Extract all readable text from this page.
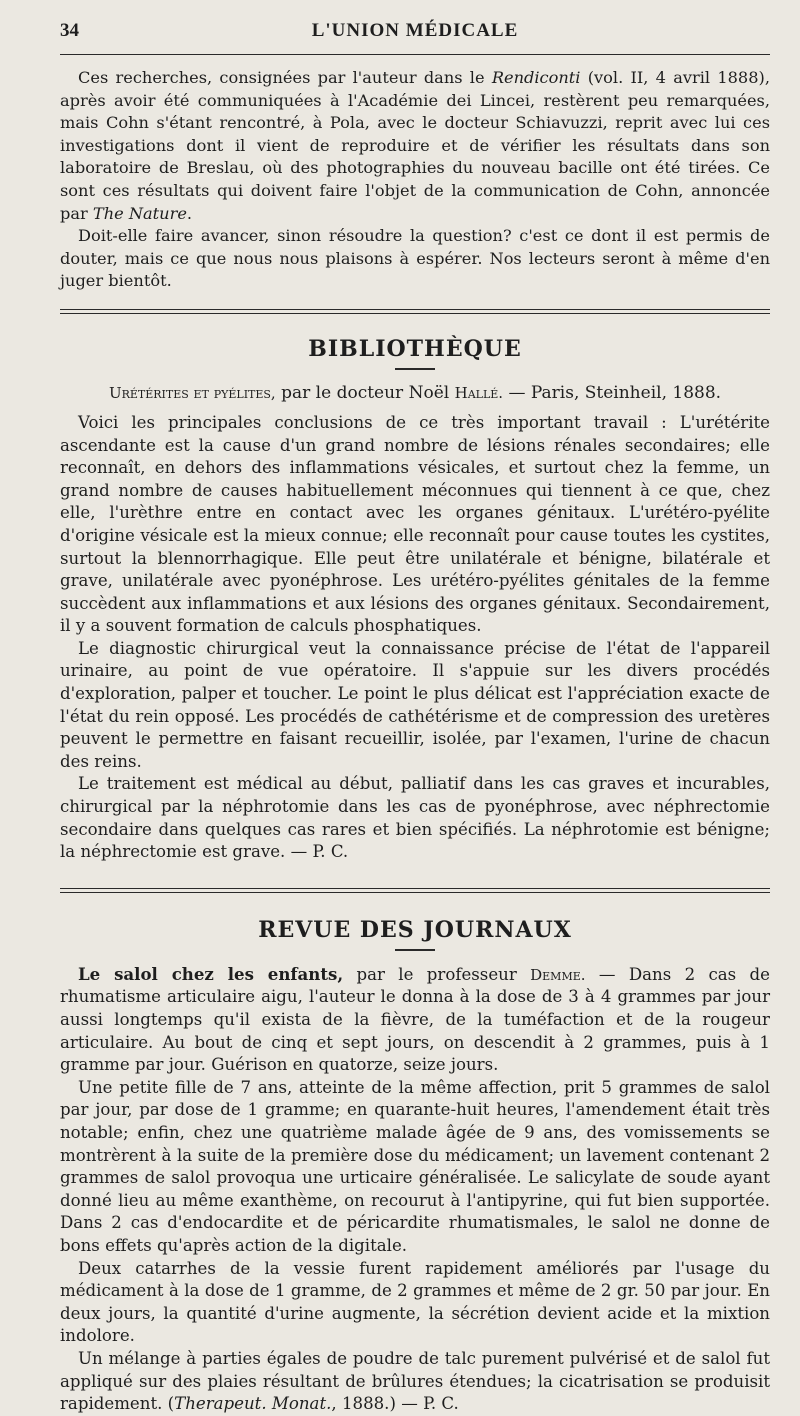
34	L'UNION MÉDICALE

Ces recherches, consignées par l'auteur dans le Rendiconti (vol. II, 4 avril 1888), après avoir été communiquées à l'Académie dei Lincei, restèrent peu remarquées, mais Cohn s'étant rencontré, à Pola, avec le docteur Schiavuzzi, reprit avec lui ces investigations dont il vient de reproduire et de vérifier les résultats dans son laboratoire de Breslau, où des photographies du nouveau bacille ont été tirées. Ce sont ces résultats qui doivent faire l'objet de la communication de Cohn, annoncée par The Nature.

Doit-elle faire avancer, sinon résoudre la question? c'est ce dont il est permis de douter, mais ce que nous nous plaisons à espérer. Nos lecteurs seront à même d'en juger bientôt.

BIBLIOTHÈQUE
Urétérites et pyélites, par le docteur Noël Hallé. — Paris, Steinheil, 1888.

Voici les principales conclusions de ce très important travail : L'urétérite ascendante est la cause d'un grand nombre de lésions rénales secondaires; elle reconnaît, en dehors des inflammations vésicales, et surtout chez la femme, un grand nombre de causes habituellement méconnues qui tiennent à ce que, chez elle, l'urèthre entre en contact avec les organes génitaux. L'urétéro-pyélite d'origine vésicale est la mieux connue; elle reconnaît pour cause toutes les cystites, surtout la blennorrhagique. Elle peut être unilatérale et bénigne, bilatérale et grave, unilatérale avec pyonéphrose. Les urétéro-pyélites génitales de la femme succèdent aux inflammations et aux lésions des organes génitaux. Secondairement, il y a souvent formation de calculs phosphatiques.

Le diagnostic chirurgical veut la connaissance précise de l'état de l'appareil urinaire, au point de vue opératoire. Il s'appuie sur les divers procédés d'exploration, palper et toucher. Le point le plus délicat est l'appréciation exacte de l'état du rein opposé. Les procédés de cathétérisme et de compression des uretères peuvent le permettre en faisant recueillir, isolée, par l'examen, l'urine de chacun des reins.

Le traitement est médical au début, palliatif dans les cas graves et incurables, chirurgical par la néphrotomie dans les cas de pyonéphrose, avec néphrectomie secondaire dans quelques cas rares et bien spécifiés. La néphrotomie est bénigne; la néphrectomie est grave. — P. C.

REVUE DES JOURNAUX

Le salol chez les enfants, par le professeur Demme. — Dans 2 cas de rhumatisme articulaire aigu, l'auteur le donna à la dose de 3 à 4 grammes par jour aussi longtemps qu'il exista de la fièvre, de la tuméfaction et de la rougeur articulaire. Au bout de cinq et sept jours, on descendit à 2 grammes, puis à 1 gramme par jour. Guérison en quatorze, seize jours.

Une petite fille de 7 ans, atteinte de la même affection, prit 5 grammes de salol par jour, par dose de 1 gramme; en quarante-huit heures, l'amendement était très notable; enfin, chez une quatrième malade âgée de 9 ans, des vomissements se montrèrent à la suite de la première dose du médicament; un lavement contenant 2 grammes de salol provoqua une urticaire généralisée. Le salicylate de soude ayant donné lieu au même exanthème, on recourut à l'antipyrine, qui fut bien supportée. Dans 2 cas d'endocardite et de péricardite rhumatismales, le salol ne donne de bons effets qu'après action de la digitale.

Deux catarrhes de la vessie furent rapidement améliorés par l'usage du médicament à la dose de 1 gramme, de 2 grammes et même de 2 gr. 50 par jour. En deux jours, la quantité d'urine augmente, la sécrétion devient acide et la mixtion indolore.

Un mélange à parties égales de poudre de talc purement pulvérisé et de salol fut appliqué sur des plaies résultant de brûlures étendues; la cicatrisation se produisit rapidement. (Therapeut. Monat., 1888.) — P. C.
